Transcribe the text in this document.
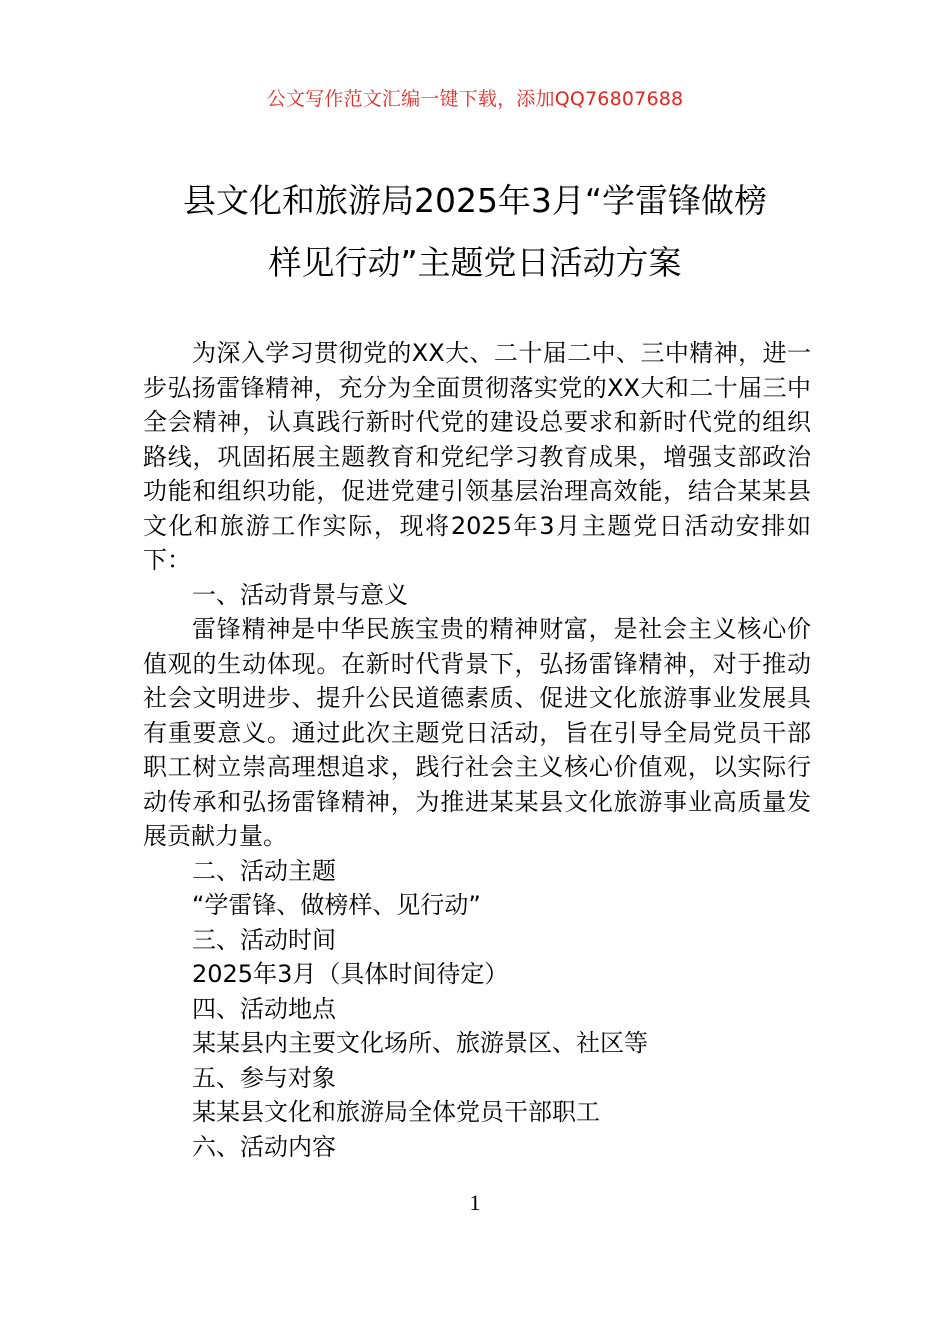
公文写作范文汇编一键下载，添加QQ76807688
县文化和旅游局2025年3月“学雷锋做榜
样见行动”主题党日活动方案

为深入学习贯彻党的XX大、二十届二中、三中精神，进一步弘扬雷锋精神，充分为全面贯彻落实党的XX大和二十届三中全会精神，认真践行新时代党的建设总要求和新时代党的组织路线，巩固拓展主题教育和党纪学习教育成果，增强支部政治功能和组织功能，促进党建引领基层治理高效能，结合某某县文化和旅游工作实际，现将2025年3月主题党日活动安排如下：

一、活动背景与意义

雷锋精神是中华民族宝贵的精神财富，是社会主义核心价值观的生动体现。在新时代背景下，弘扬雷锋精神，对于推动社会文明进步、提升公民道德素质、促进文化旅游事业发展具有重要意义。通过此次主题党日活动，旨在引导全局党员干部职工树立崇高理想追求，践行社会主义核心价值观，以实际行动传承和弘扬雷锋精神，为推进某某县文化旅游事业高质量发展贡献力量。

二、活动主题

“学雷锋、做榜样、见行动”

三、活动时间

2025年3月（具体时间待定）

四、活动地点

某某县内主要文化场所、旅游景区、社区等

五、参与对象

某某县文化和旅游局全体党员干部职工

六、活动内容

1
